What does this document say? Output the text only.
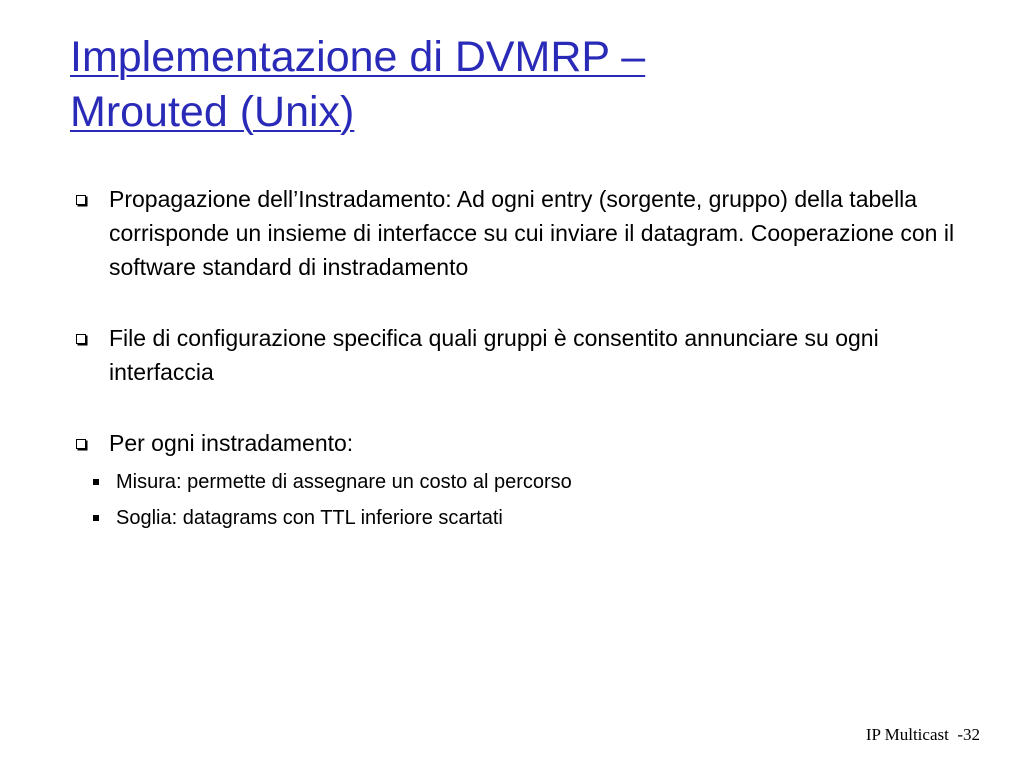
Implementazione di DVMRP –
Mrouted (Unix)
Propagazione dell’Instradamento: Ad ogni entry (sorgente, gruppo) della tabella corrisponde un insieme di interfacce su cui inviare il datagram. Cooperazione con il software standard di instradamento
File di configurazione specifica quali gruppi è consentito annunciare su ogni interfaccia
Per ogni instradamento:
Misura: permette di assegnare un costo al percorso
Soglia: datagrams con TTL inferiore scartati
IP Multicast -32
